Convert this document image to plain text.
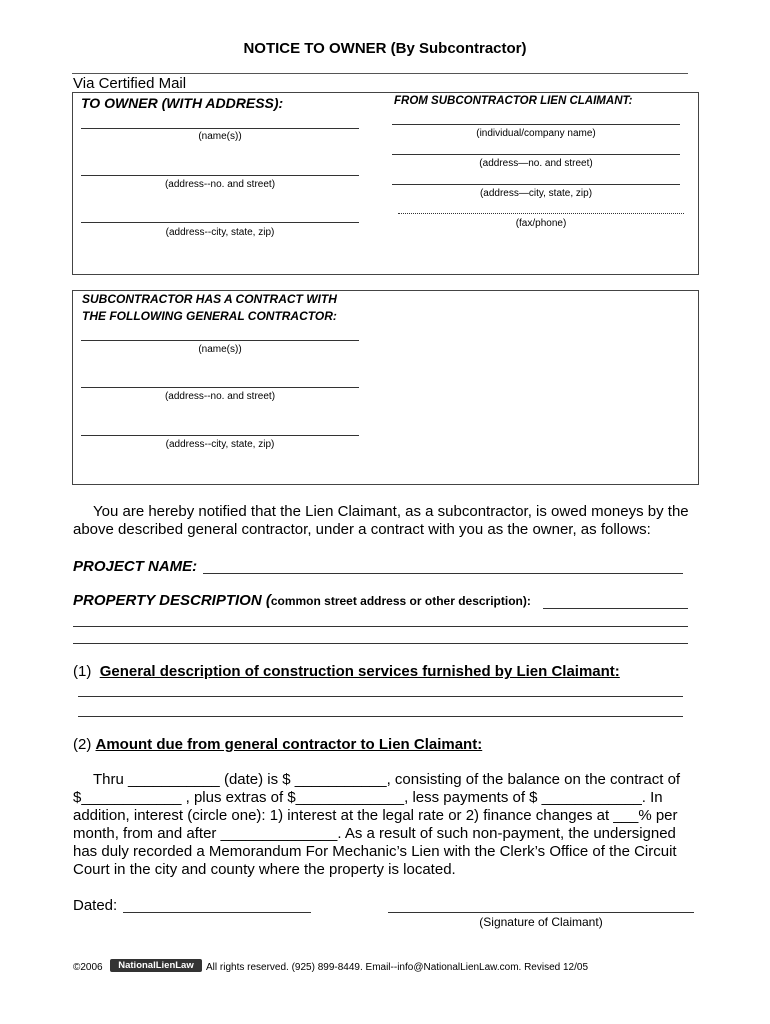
NOTICE TO OWNER (By Subcontractor)
Via Certified Mail
TO OWNER (WITH ADDRESS):	FROM SUBCONTRACTOR LIEN CLAIMANT:
(name(s))
(address--no. and street)
(address--city, state, zip)
(individual/company name)
(address—no. and street)
(address—city, state, zip)
(fax/phone)
SUBCONTRACTOR HAS A CONTRACT WITH
THE FOLLOWING GENERAL CONTRACTOR:
(name(s))
(address--no. and street)
(address--city, state, zip)
You are hereby notified that the Lien Claimant, as a subcontractor, is owed moneys by the
above described general contractor, under a contract with you as the owner, as follows:
PROJECT NAME:
PROPERTY DESCRIPTION (common street address or other description):
(1) General description of construction services furnished by Lien Claimant:
(2) Amount due from general contractor to Lien Claimant:
Thru ___________ (date) is $ ___________, consisting of the balance on the contract of
$____________ , plus extras of $_____________, less payments of $ ____________. In
addition, interest (circle one): 1) interest at the legal rate or 2) finance changes at ___% per
month, from and after ______________. As a result of such non-payment, the undersigned
has duly recorded a Memorandum For Mechanic’s Lien with the Clerk’s Office of the Circuit
Court in the city and county where the property is located.
Dated:
(Signature of Claimant)
©2006	NationalLienLaw	All rights reserved. (925) 899-8449. Email--info@NationalLienLaw.com. Revised 12/05
